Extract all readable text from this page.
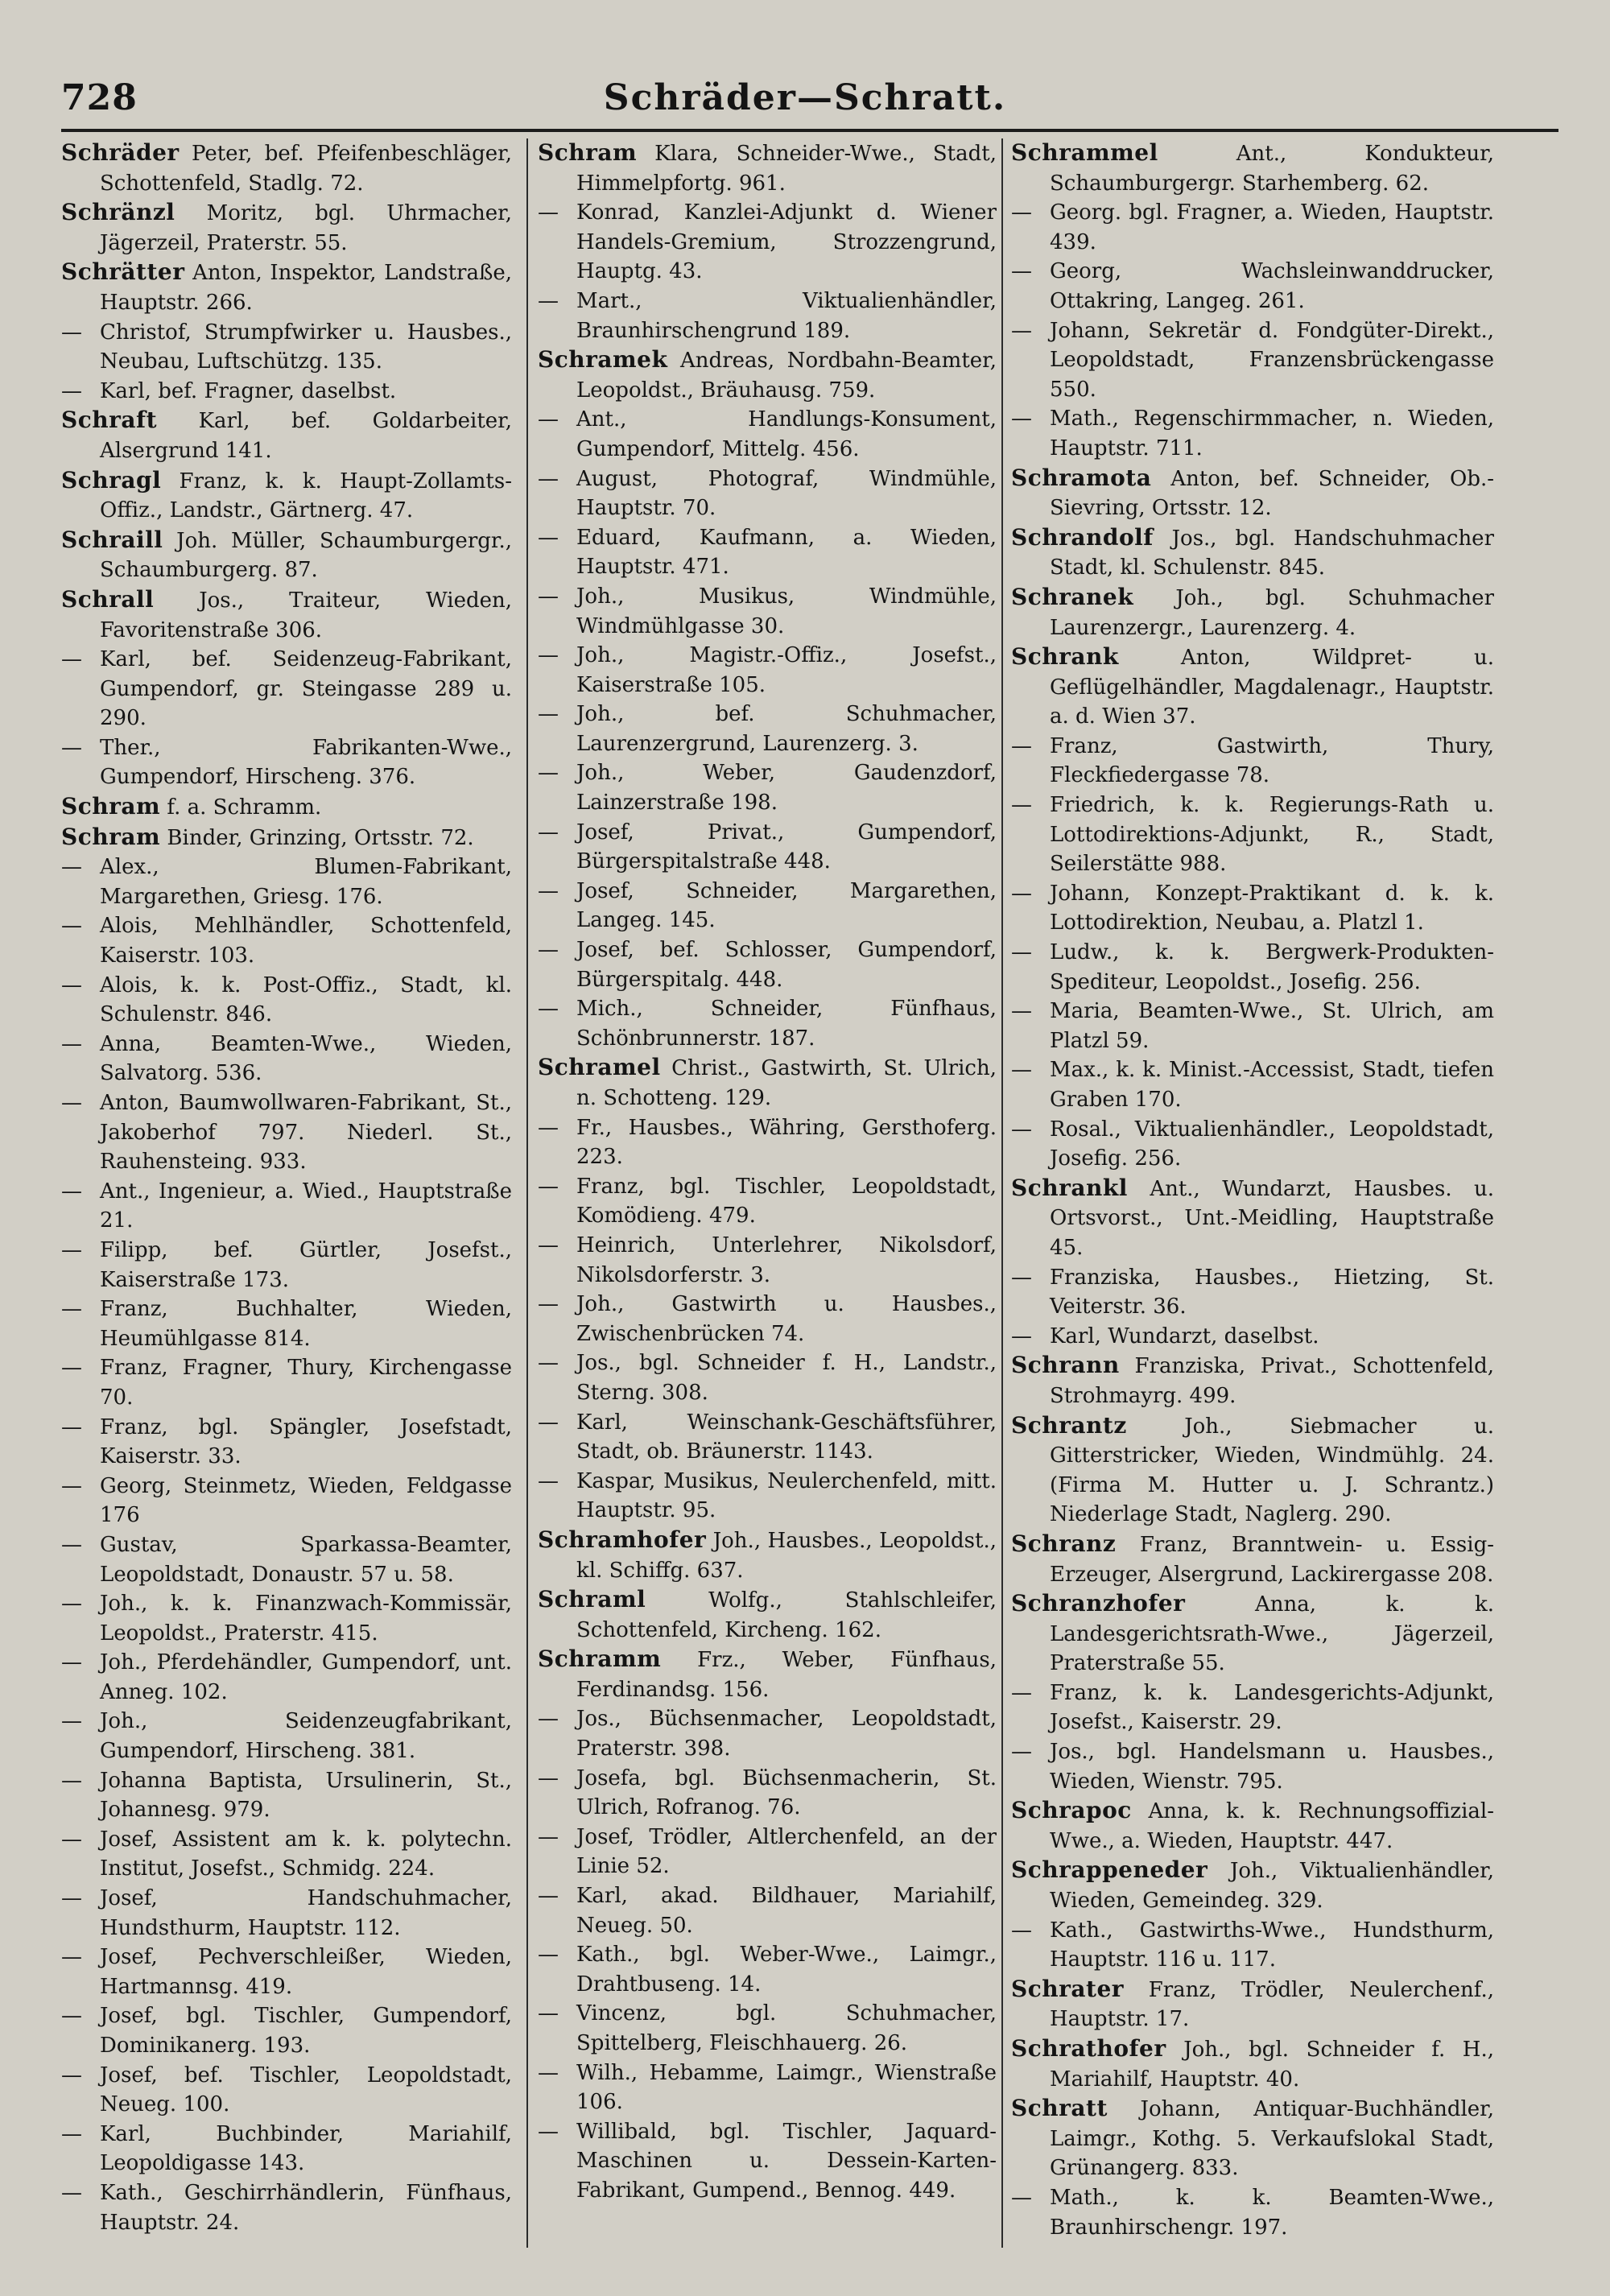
728	Schräder—Schratt.

Schräder Peter, bef. Pfeifenbeschläger, Schottenfeld, Stadlg. 72.

Schränzl Moritz, bgl. Uhrmacher, Jägerzeil, Praterstr. 55.

Schrätter Anton, Inspektor, Landstraße, Hauptstr. 266.

— Christof, Strumpfwirker u. Hausbes., Neubau, Luftschützg. 135.

— Karl, bef. Fragner, daselbst.

Schraft Karl, bef. Goldarbeiter, Alsergrund 141.

Schragl Franz, k. k. Haupt-Zollamts-Offiz., Landstr., Gärtnerg. 47.

Schraill Joh. Müller, Schaumburgergr., Schaumburgerg. 87.

Schrall Jos., Traiteur, Wieden, Favoritenstraße 306.

— Karl, bef. Seidenzeug-Fabrikant, Gumpendorf, gr. Steingasse 289 u. 290.

— Ther., Fabrikanten-Wwe., Gumpendorf, Hirscheng. 376.

Schram f. a. Schramm.

Schram Binder, Grinzing, Ortsstr. 72.

— Alex., Blumen-Fabrikant, Margarethen, Griesg. 176.

— Alois, Mehlhändler, Schottenfeld, Kaiserstr. 103.

— Alois, k. k. Post-Offiz., Stadt, kl. Schulenstr. 846.

— Anna, Beamten-Wwe., Wieden, Salvatorg. 536.

— Anton, Baumwollwaren-Fabrikant, St., Jakoberhof 797. Niederl. St., Rauhensteing. 933.

— Ant., Ingenieur, a. Wied., Hauptstraße 21.

— Filipp, bef. Gürtler, Josefst., Kaiserstraße 173.

— Franz, Buchhalter, Wieden, Heumühlgasse 814.

— Franz, Fragner, Thury, Kirchengasse 70.

— Franz, bgl. Spängler, Josefstadt, Kaiserstr. 33.

— Georg, Steinmetz, Wieden, Feldgasse 176

— Gustav, Sparkassa-Beamter, Leopoldstadt, Donaustr. 57 u. 58.

— Joh., k. k. Finanzwach-Kommissär, Leopoldst., Praterstr. 415.

— Joh., Pferdehändler, Gumpendorf, unt. Anneg. 102.

— Joh., Seidenzeugfabrikant, Gumpendorf, Hirscheng. 381.

— Johanna Baptista, Ursulinerin, St., Johannesg. 979.

— Josef, Assistent am k. k. polytechn. Institut, Josefst., Schmidg. 224.

— Josef, Handschuhmacher, Hundsthurm, Hauptstr. 112.

— Josef, Pechverschleißer, Wieden, Hartmannsg. 419.

— Josef, bgl. Tischler, Gumpendorf, Dominikanerg. 193.

— Josef, bef. Tischler, Leopoldstadt, Neueg. 100.

— Karl, Buchbinder, Mariahilf, Leopoldigasse 143.

— Kath., Geschirrhändlerin, Fünfhaus, Hauptstr. 24.

Schram Klara, Schneider-Wwe., Stadt, Himmelpfortg. 961.

— Konrad, Kanzlei-Adjunkt d. Wiener Handels-Gremium, Strozzengrund, Hauptg. 43.

— Mart., Viktualienhändler, Braunhirschengrund 189.

Schramek Andreas, Nordbahn-Beamter, Leopoldst., Bräuhausg. 759.

— Ant., Handlungs-Konsument, Gumpendorf, Mittelg. 456.

— August, Photograf, Windmühle, Hauptstr. 70.

— Eduard, Kaufmann, a. Wieden, Hauptstr. 471.

— Joh., Musikus, Windmühle, Windmühlgasse 30.

— Joh., Magistr.-Offiz., Josefst., Kaiserstraße 105.

— Joh., bef. Schuhmacher, Laurenzergrund, Laurenzerg. 3.

— Joh., Weber, Gaudenzdorf, Lainzerstraße 198.

— Josef, Privat., Gumpendorf, Bürgerspitalstraße 448.

— Josef, Schneider, Margarethen, Langeg. 145.

— Josef, bef. Schlosser, Gumpendorf, Bürgerspitalg. 448.

— Mich., Schneider, Fünfhaus, Schönbrunnerstr. 187.

Schramel Christ., Gastwirth, St. Ulrich, n. Schotteng. 129.

— Fr., Hausbes., Währing, Gersthoferg. 223.

— Franz, bgl. Tischler, Leopoldstadt, Komödieng. 479.

— Heinrich, Unterlehrer, Nikolsdorf, Nikolsdorferstr. 3.

— Joh., Gastwirth u. Hausbes., Zwischenbrücken 74.

— Jos., bgl. Schneider f. H., Landstr., Sterng. 308.

— Karl, Weinschank-Geschäftsführer, Stadt, ob. Bräunerstr. 1143.

— Kaspar, Musikus, Neulerchenfeld, mitt. Hauptstr. 95.

Schramhofer Joh., Hausbes., Leopoldst., kl. Schiffg. 637.

Schraml	Wolfg., Stahlschleifer, Schottenfeld, Kircheng. 162.

Schramm Frz., Weber, Fünfhaus, Ferdinandsg. 156.

— Jos., Büchsenmacher, Leopoldstadt, Praterstr. 398.

— Josefa, bgl. Büchsenmacherin, St. Ulrich, Rofranog. 76.

— Josef, Trödler, Altlerchenfeld, an der Linie 52.

— Karl, akad. Bildhauer, Mariahilf, Neueg. 50.

— Kath., bgl. Weber-Wwe., Laimgr., Drahtbuseng. 14.

— Vincenz, bgl. Schuhmacher, Spittelberg, Fleischhauerg. 26.

— Wilh., Hebamme, Laimgr., Wienstraße 106.

— Willibald, bgl. Tischler, Jaquard-Maschinen u. Dessein-Karten-Fabrikant, Gumpend., Bennog. 449.

Schrammel	Ant., Kondukteur, Schaumburgergr. Starhemberg. 62.

— Georg. bgl. Fragner, a. Wieden, Hauptstr. 439.

— Georg, Wachsleinwanddrucker, Ottakring, Langeg. 261.

— Johann, Sekretär d. Fondgüter-Direkt., Leopoldstadt, Franzensbrückengasse 550.

— Math., Regenschirmmacher, n. Wieden, Hauptstr. 711.

Schramota Anton, bef. Schneider, Ob.-Sievring, Ortsstr. 12.

Schrandolf Jos., bgl. Handschuhmacher Stadt, kl. Schulenstr. 845.

Schranek Joh., bgl. Schuhmacher Laurenzergr., Laurenzerg. 4.

Schrank	Anton, Wildpret- u. Geflügelhändler, Magdalenagr., Hauptstr. a. d. Wien 37.

— Franz, Gastwirth, Thury, Fleckfiedergasse 78.

— Friedrich, k. k. Regierungs-Rath u. Lottodirektions-Adjunkt, R., Stadt, Seilerstätte 988.

— Johann, Konzept-Praktikant d. k. k. Lottodirektion, Neubau, a. Platzl 1.

— Ludw., k. k. Bergwerk-Produkten-Spediteur, Leopoldst., Josefig. 256.

— Maria, Beamten-Wwe., St. Ulrich, am Platzl 59.

— Max., k. k. Minist.-Accessist, Stadt, tiefen Graben 170.

— Rosal., Viktualienhändler., Leopoldstadt, Josefig. 256.

Schrankl Ant., Wundarzt, Hausbes. u. Ortsvorst., Unt.-Meidling, Hauptstraße 45.

— Franziska, Hausbes., Hietzing, St. Veiterstr. 36.

— Karl, Wundarzt, daselbst.

Schrann Franziska, Privat., Schottenfeld, Strohmayrg. 499.

Schrantz	Joh., Siebmacher u. Gitterstricker, Wieden, Windmühlg. 24. (Firma M. Hutter u. J. Schrantz.) Niederlage Stadt, Naglerg. 290.

Schranz Franz, Branntwein- u. Essig-Erzeuger, Alsergrund, Lackirergasse 208.

Schranzhofer	Anna, k. k. Landesgerichtsrath-Wwe., Jägerzeil, Praterstraße 55.

— Franz, k. k. Landesgerichts-Adjunkt, Josefst., Kaiserstr. 29.

— Jos., bgl. Handelsmann u. Hausbes., Wieden, Wienstr. 795.

Schrapoc Anna, k. k. Rechnungsoffizial-Wwe., a. Wieden, Hauptstr. 447.

Schrappeneder Joh., Viktualienhändler, Wieden, Gemeindeg. 329.

— Kath., Gastwirths-Wwe., Hundsthurm, Hauptstr. 116 u. 117.

Schrater Franz, Trödler, Neulerchenf., Hauptstr. 17.

Schrathofer Joh., bgl. Schneider f. H., Mariahilf, Hauptstr. 40.

Schratt Johann, Antiquar-Buchhändler, Laimgr., Kothg. 5. Verkaufslokal Stadt, Grünangerg. 833.

— Math., k. k. Beamten-Wwe., Braunhirschengr. 197.
